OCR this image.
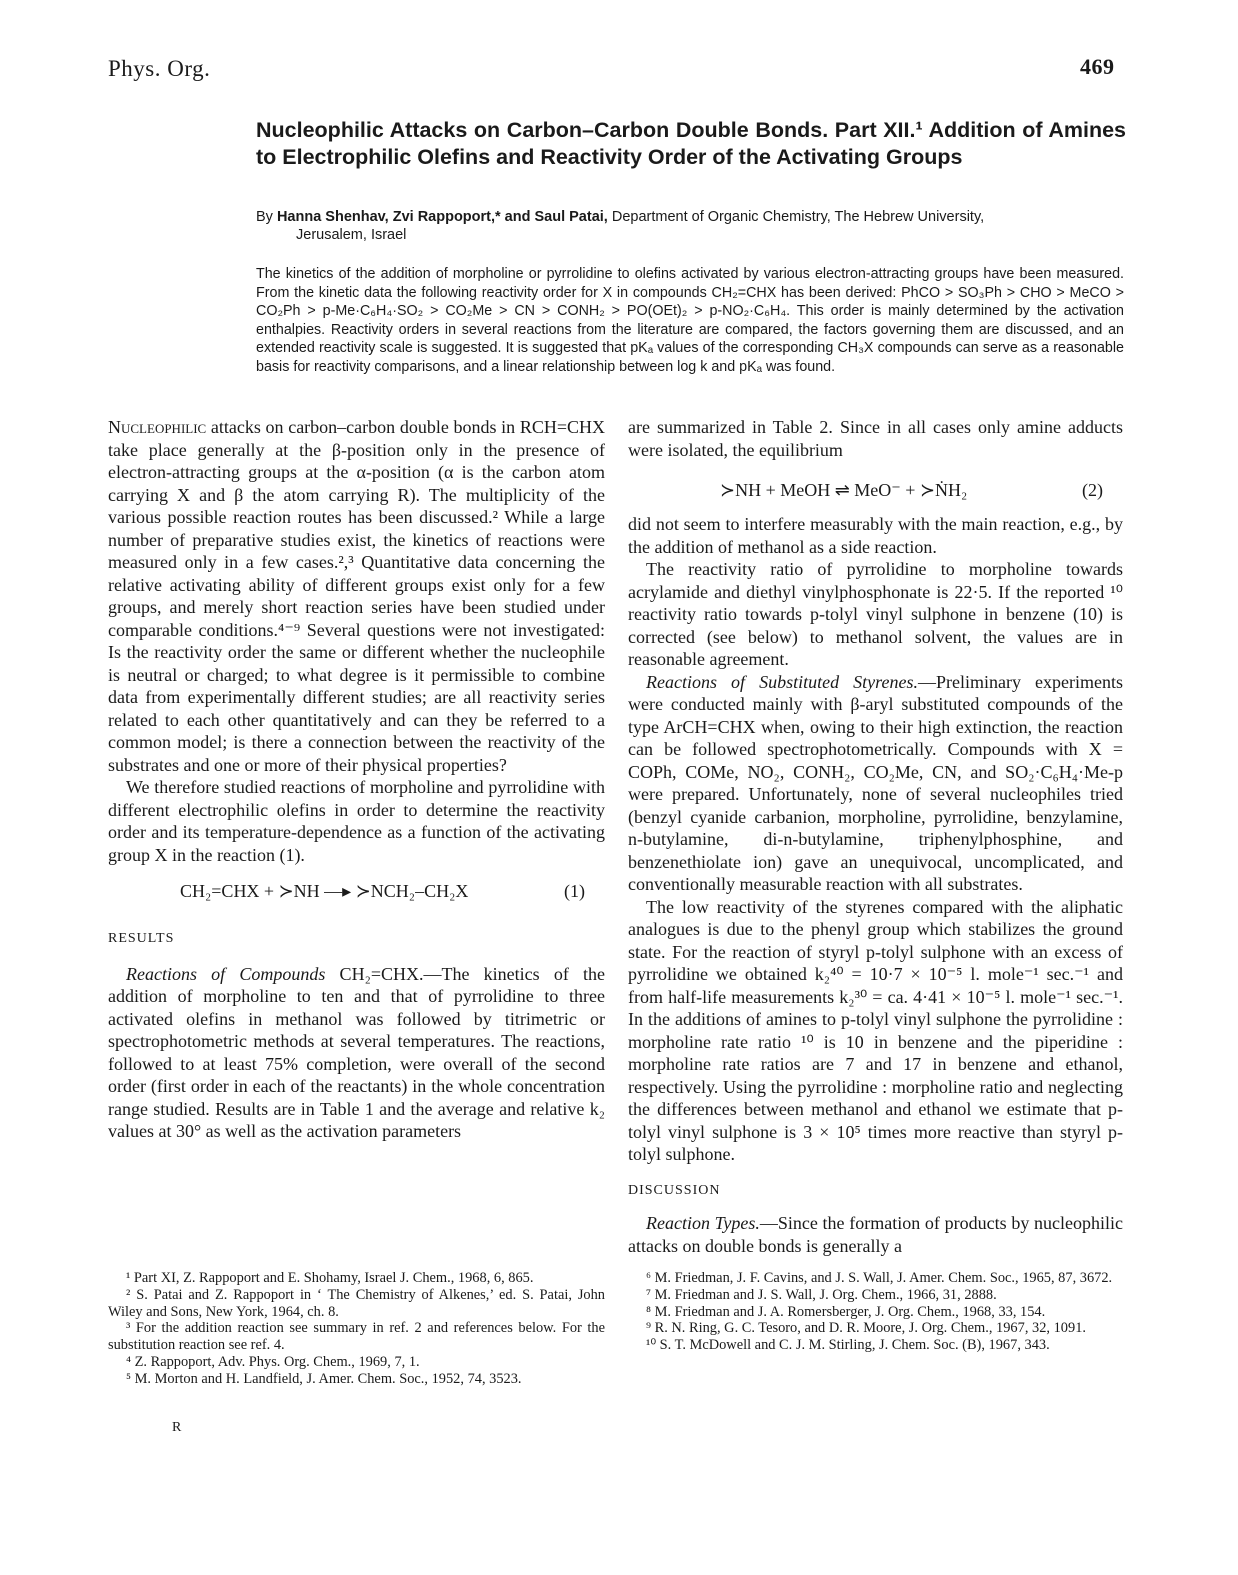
Phys. Org.	469
Nucleophilic Attacks on Carbon–Carbon Double Bonds. Part XII.¹ Addition of Amines to Electrophilic Olefins and Reactivity Order of the Activating Groups
By Hanna Shenhav, Zvi Rappoport,* and Saul Patai, Department of Organic Chemistry, The Hebrew University,
Jerusalem, Israel
The kinetics of the addition of morpholine or pyrrolidine to olefins activated by various electron-attracting groups have been measured. From the kinetic data the following reactivity order for X in compounds CH₂=CHX has been derived: PhCO > SO₃Ph > CHO > MeCO > CO₂Ph > p-Me·C₆H₄·SO₂ > CO₂Me > CN > CONH₂ > PO(OEt)₂ > p-NO₂·C₆H₄. This order is mainly determined by the activation enthalpies. Reactivity orders in several reactions from the literature are compared, the factors governing them are discussed, and an extended reactivity scale is suggested. It is suggested that pKₐ values of the corresponding CH₃X compounds can serve as a reasonable basis for reactivity comparisons, and a linear relationship between log k and pKₐ was found.

Nucleophilic attacks on carbon–carbon double bonds in RCH=CHX take place generally at the β-position only in the presence of electron-attracting groups at the α-position (α is the carbon atom carrying X and β the atom carrying R). The multiplicity of the various possible reaction routes has been discussed.² While a large number of preparative studies exist, the kinetics of reactions were measured only in a few cases.²,³ Quantitative data concerning the relative activating ability of different groups exist only for a few groups, and merely short reaction series have been studied under comparable conditions.⁴⁻⁹ Several questions were not investigated: Is the reactivity order the same or different whether the nucleophile is neutral or charged; to what degree is it permissible to combine data from experimentally different studies; are all reactivity series related to each other quantitatively and can they be referred to a common model; is there a connection between the reactivity of the substrates and one or more of their physical properties?

We therefore studied reactions of morpholine and pyrrolidine with different electrophilic olefins in order to determine the reactivity order and its temperature-dependence as a function of the activating group X in the reaction (1).

CH₂=CHX + ≻NH —▸ ≻NCH₂–CH₂X	(1)
RESULTS

Reactions of Compounds CH₂=CHX.—The kinetics of the addition of morpholine to ten and that of pyrrolidine to three activated olefins in methanol was followed by titrimetric or spectrophotometric methods at several temperatures. The reactions, followed to at least 75% completion, were overall of the second order (first order in each of the reactants) in the whole concentration range studied. Results are in Table 1 and the average and relative k₂ values at 30° as well as the activation parameters

are summarized in Table 2. Since in all cases only amine adducts were isolated, the equilibrium

≻NH + MeOH ⇌ MeO⁻ + ≻ṄH₂	(2)

did not seem to interfere measurably with the main reaction, e.g., by the addition of methanol as a side reaction.

The reactivity ratio of pyrrolidine to morpholine towards acrylamide and diethyl vinylphosphonate is 22·5. If the reported ¹⁰ reactivity ratio towards p-tolyl vinyl sulphone in benzene (10) is corrected (see below) to methanol solvent, the values are in reasonable agreement.

Reactions of Substituted Styrenes.—Preliminary experiments were conducted mainly with β-aryl substituted compounds of the type ArCH=CHX when, owing to their high extinction, the reaction can be followed spectrophotometrically. Compounds with X = COPh, COMe, NO₂, CONH₂, CO₂Me, CN, and SO₂·C₆H₄·Me-p were prepared. Unfortunately, none of several nucleophiles tried (benzyl cyanide carbanion, morpholine, pyrrolidine, benzylamine, n-butylamine, di-n-butylamine, triphenylphosphine, and benzenethiolate ion) gave an unequivocal, uncomplicated, and conventionally measurable reaction with all substrates.

The low reactivity of the styrenes compared with the aliphatic analogues is due to the phenyl group which stabilizes the ground state. For the reaction of styryl p-tolyl sulphone with an excess of pyrrolidine we obtained k₂⁴⁰ = 10·7 × 10⁻⁵ l. mole⁻¹ sec.⁻¹ and from half-life measurements k₂³⁰ = ca. 4·41 × 10⁻⁵ l. mole⁻¹ sec.⁻¹. In the additions of amines to p-tolyl vinyl sulphone the pyrrolidine : morpholine rate ratio ¹⁰ is 10 in benzene and the piperidine : morpholine rate ratios are 7 and 17 in benzene and ethanol, respectively. Using the pyrrolidine : morpholine ratio and neglecting the differences between methanol and ethanol we estimate that p-tolyl vinyl sulphone is 3 × 10⁵ times more reactive than styryl p-tolyl sulphone.

DISCUSSION

Reaction Types.—Since the formation of products by nucleophilic attacks on double bonds is generally a

¹ Part XI, Z. Rappoport and E. Shohamy, Israel J. Chem., 1968, 6, 865.

² S. Patai and Z. Rappoport in ‘ The Chemistry of Alkenes,’ ed. S. Patai, John Wiley and Sons, New York, 1964, ch. 8.

³ For the addition reaction see summary in ref. 2 and references below. For the substitution reaction see ref. 4.

⁴ Z. Rappoport, Adv. Phys. Org. Chem., 1969, 7, 1.

⁵ M. Morton and H. Landfield, J. Amer. Chem. Soc., 1952, 74, 3523.

R

⁶ M. Friedman, J. F. Cavins, and J. S. Wall, J. Amer. Chem. Soc., 1965, 87, 3672.

⁷ M. Friedman and J. S. Wall, J. Org. Chem., 1966, 31, 2888.

⁸ M. Friedman and J. A. Romersberger, J. Org. Chem., 1968, 33, 154.

⁹ R. N. Ring, G. C. Tesoro, and D. R. Moore, J. Org. Chem., 1967, 32, 1091.

¹⁰ S. T. McDowell and C. J. M. Stirling, J. Chem. Soc. (B), 1967, 343.
